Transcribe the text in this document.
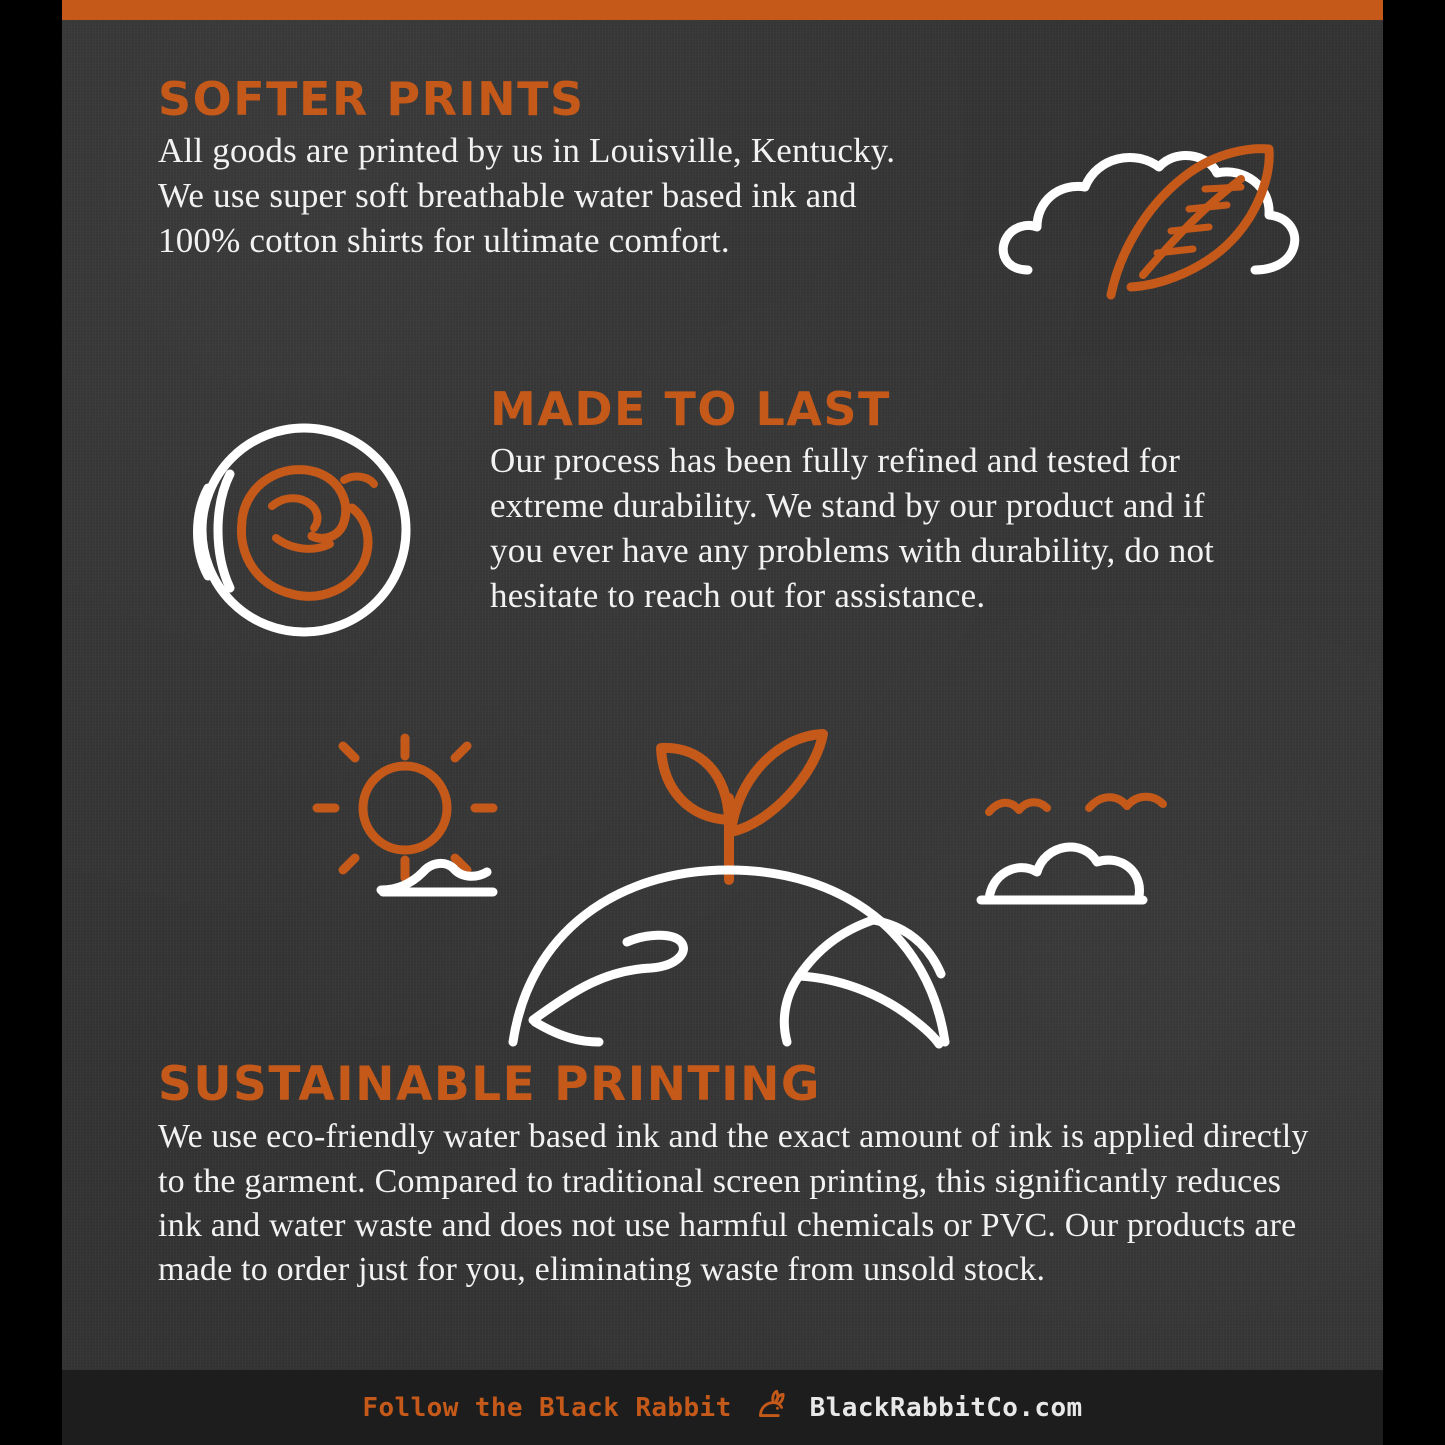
SOFTER PRINTS

All goods are printed by us in Louisville, Kentucky. We use super soft breathable water based ink and 100% cotton shirts for ultimate comfort.

MADE TO LAST

Our process has been fully refined and tested for extreme durability. We stand by our product and if you ever have any problems with durability, do not hesitate to reach out for assistance.

SUSTAINABLE PRINTING

We use eco-friendly water based ink and the exact amount of ink is applied directly to the garment. Compared to traditional screen printing, this significantly reduces ink and water waste and does not use harmful chemicals or PVC. Our products are made to order just for you, eliminating waste from unsold stock.

Follow the Black Rabbit	BlackRabbitCo.com
